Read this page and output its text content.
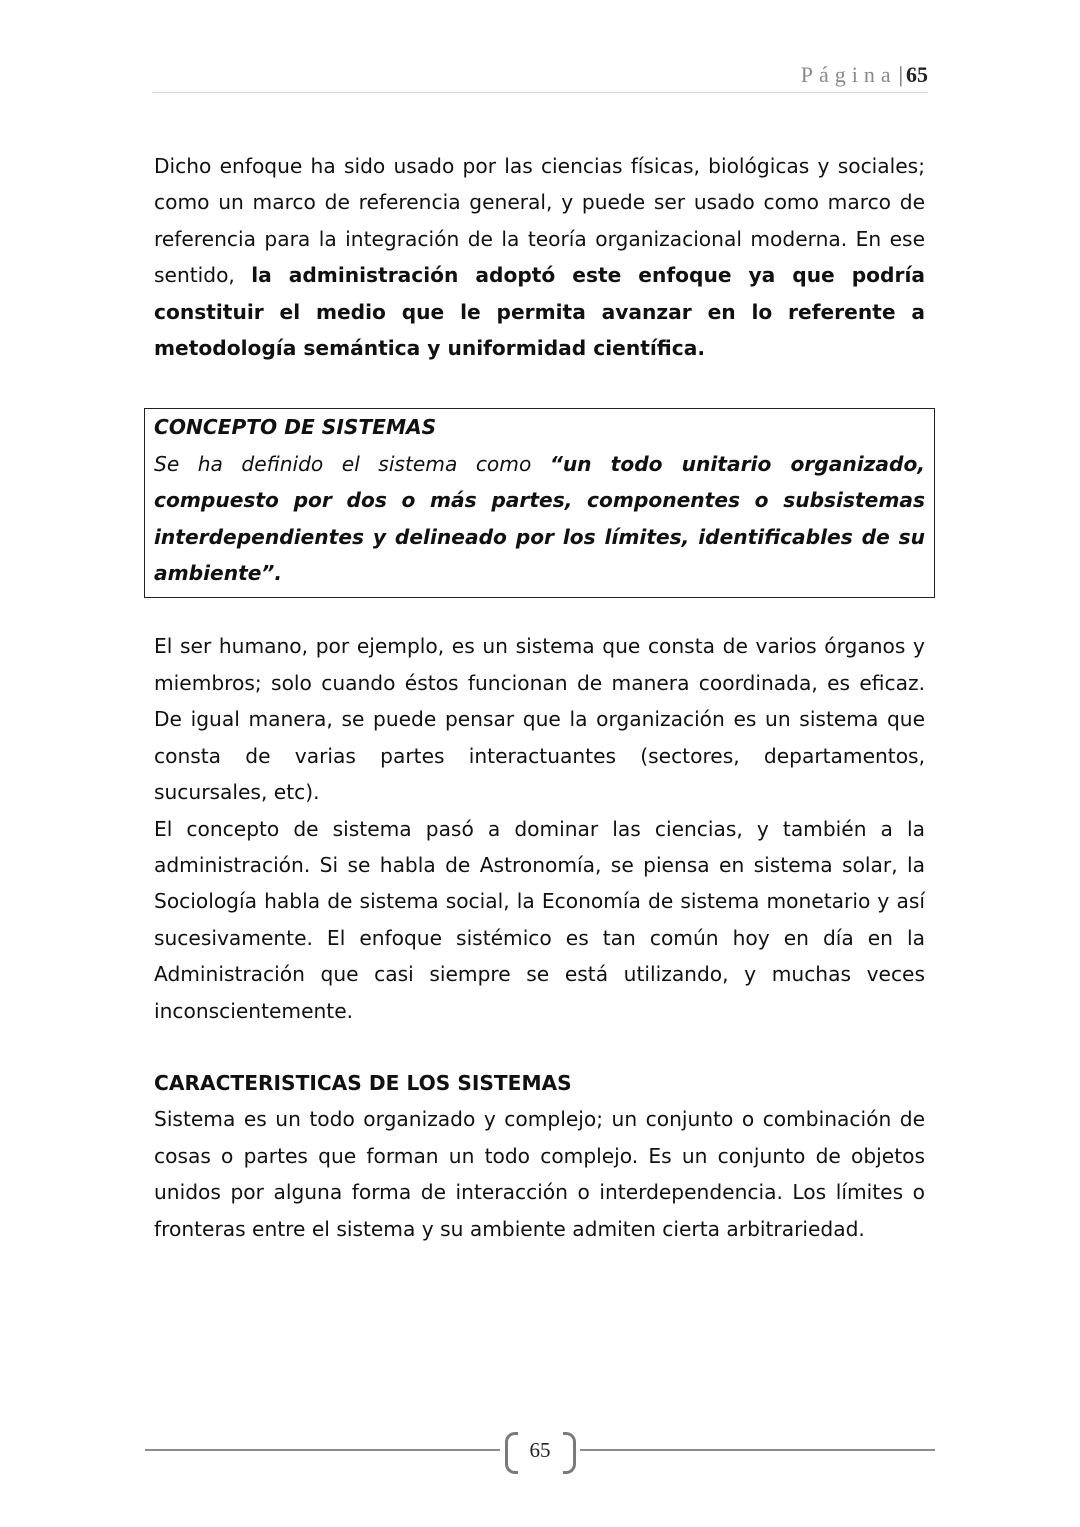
Página| 65

Dicho enfoque ha sido usado por las ciencias físicas, biológicas y sociales; como un marco de referencia general, y puede ser usado como marco de referencia para la integración de la teoría organizacional moderna. En ese sentido, la administración adoptó este enfoque ya que podría constituir el medio que le permita avanzar en lo referente a metodología semántica y uniformidad científica.

CONCEPTO DE SISTEMAS

Se ha definido el sistema como “un todo unitario organizado, compuesto por dos o más partes, componentes o subsistemas interdependientes y delineado por los límites, identificables de su ambiente”.

El ser humano, por ejemplo, es un sistema que consta de varios órganos y miembros; solo cuando éstos funcionan de manera coordinada, es eficaz. De igual manera, se puede pensar que la organización es un sistema que consta de varias partes interactuantes (sectores, departamentos, sucursales, etc).

El concepto de sistema pasó a dominar las ciencias, y también a la administración. Si se habla de Astronomía, se piensa en sistema solar, la Sociología habla de sistema social, la Economía de sistema monetario y así sucesivamente. El enfoque sistémico es tan común hoy en día en la Administración que casi siempre se está utilizando, y muchas veces inconscientemente.

CARACTERISTICAS DE LOS SISTEMAS

Sistema es un todo organizado y complejo; un conjunto o combinación de cosas o partes que forman un todo complejo. Es un conjunto de objetos unidos por alguna forma de interacción o interdependencia. Los límites o fronteras entre el sistema y su ambiente admiten cierta arbitrariedad.

65
